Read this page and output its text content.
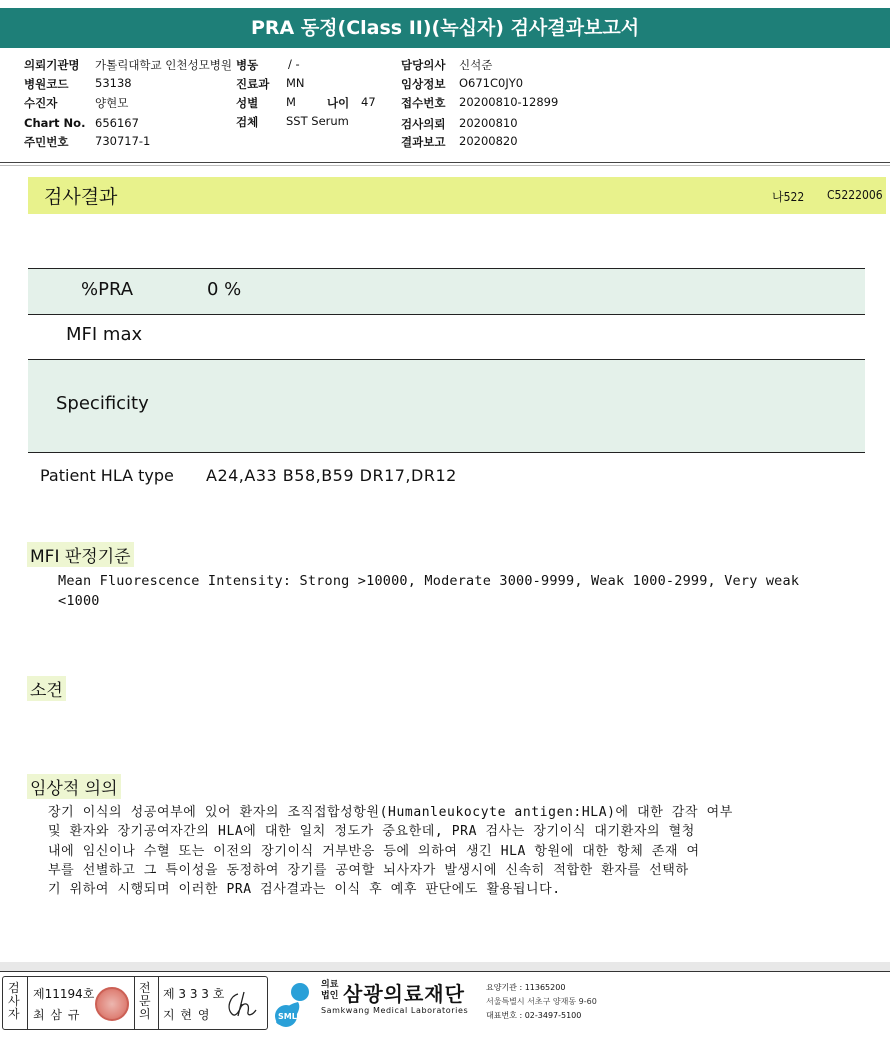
PRA 동정(Class II)(녹십자) 검사결과보고서
의뢰기관명 가톨릭대학교 인천성모병원 병동	/ -	담당의사 신석준
병원코드 53138	진료과 MN	임상정보 O671C0JY0
수진자	양현모	성별 M	나이 47 접수번호 20200810-12899
Chart No. 656167	검체 SST Serum	검사의뢰 20200810
주민번호 730717-1	결과보고 20200820
검사결과	나522 C5222006
%PRA	0 %
MFI max
Specificity
Patient HLA type A24,A33 B58,B59 DR17,DR12
MFI 판정기준
Mean Fluorescence Intensity: Strong >10000, Moderate 3000-9999, Weak 1000-2999, Very weak
<1000
소견
임상적 의의
장기 이식의 성공여부에 있어 환자의 조직접합성항원(Humanleukocyte antigen:HLA)에 대한 감작 여부
및 환자와 장기공여자간의 HLA에 대한 일치 정도가 중요한데, PRA 검사는 장기이식 대기환자의 혈청
내에 임신이나 수혈 또는 이전의 장기이식 거부반응 등에 의하여 생긴 HLA 항원에 대한 항체 존재 여
부를 선별하고 그 특이성을 동정하여 장기를 공여할 뇌사자가 발생시에 신속히 적합한 환자를 선택하
기 위하여 시행되며 이러한 PRA 검사결과는 이식 후 예후 판단에도 활용됩니다.
검사자
제11194호
최 삼 규
전문의
제 3 3 3 호
지 현 영	SML
의료법인 삼광의료재단
Samkwang Medical Laboratories
요양기관 : 11365200
서울특별시 서초구 양재동 9-60
대표번호 : 02-3497-5100
